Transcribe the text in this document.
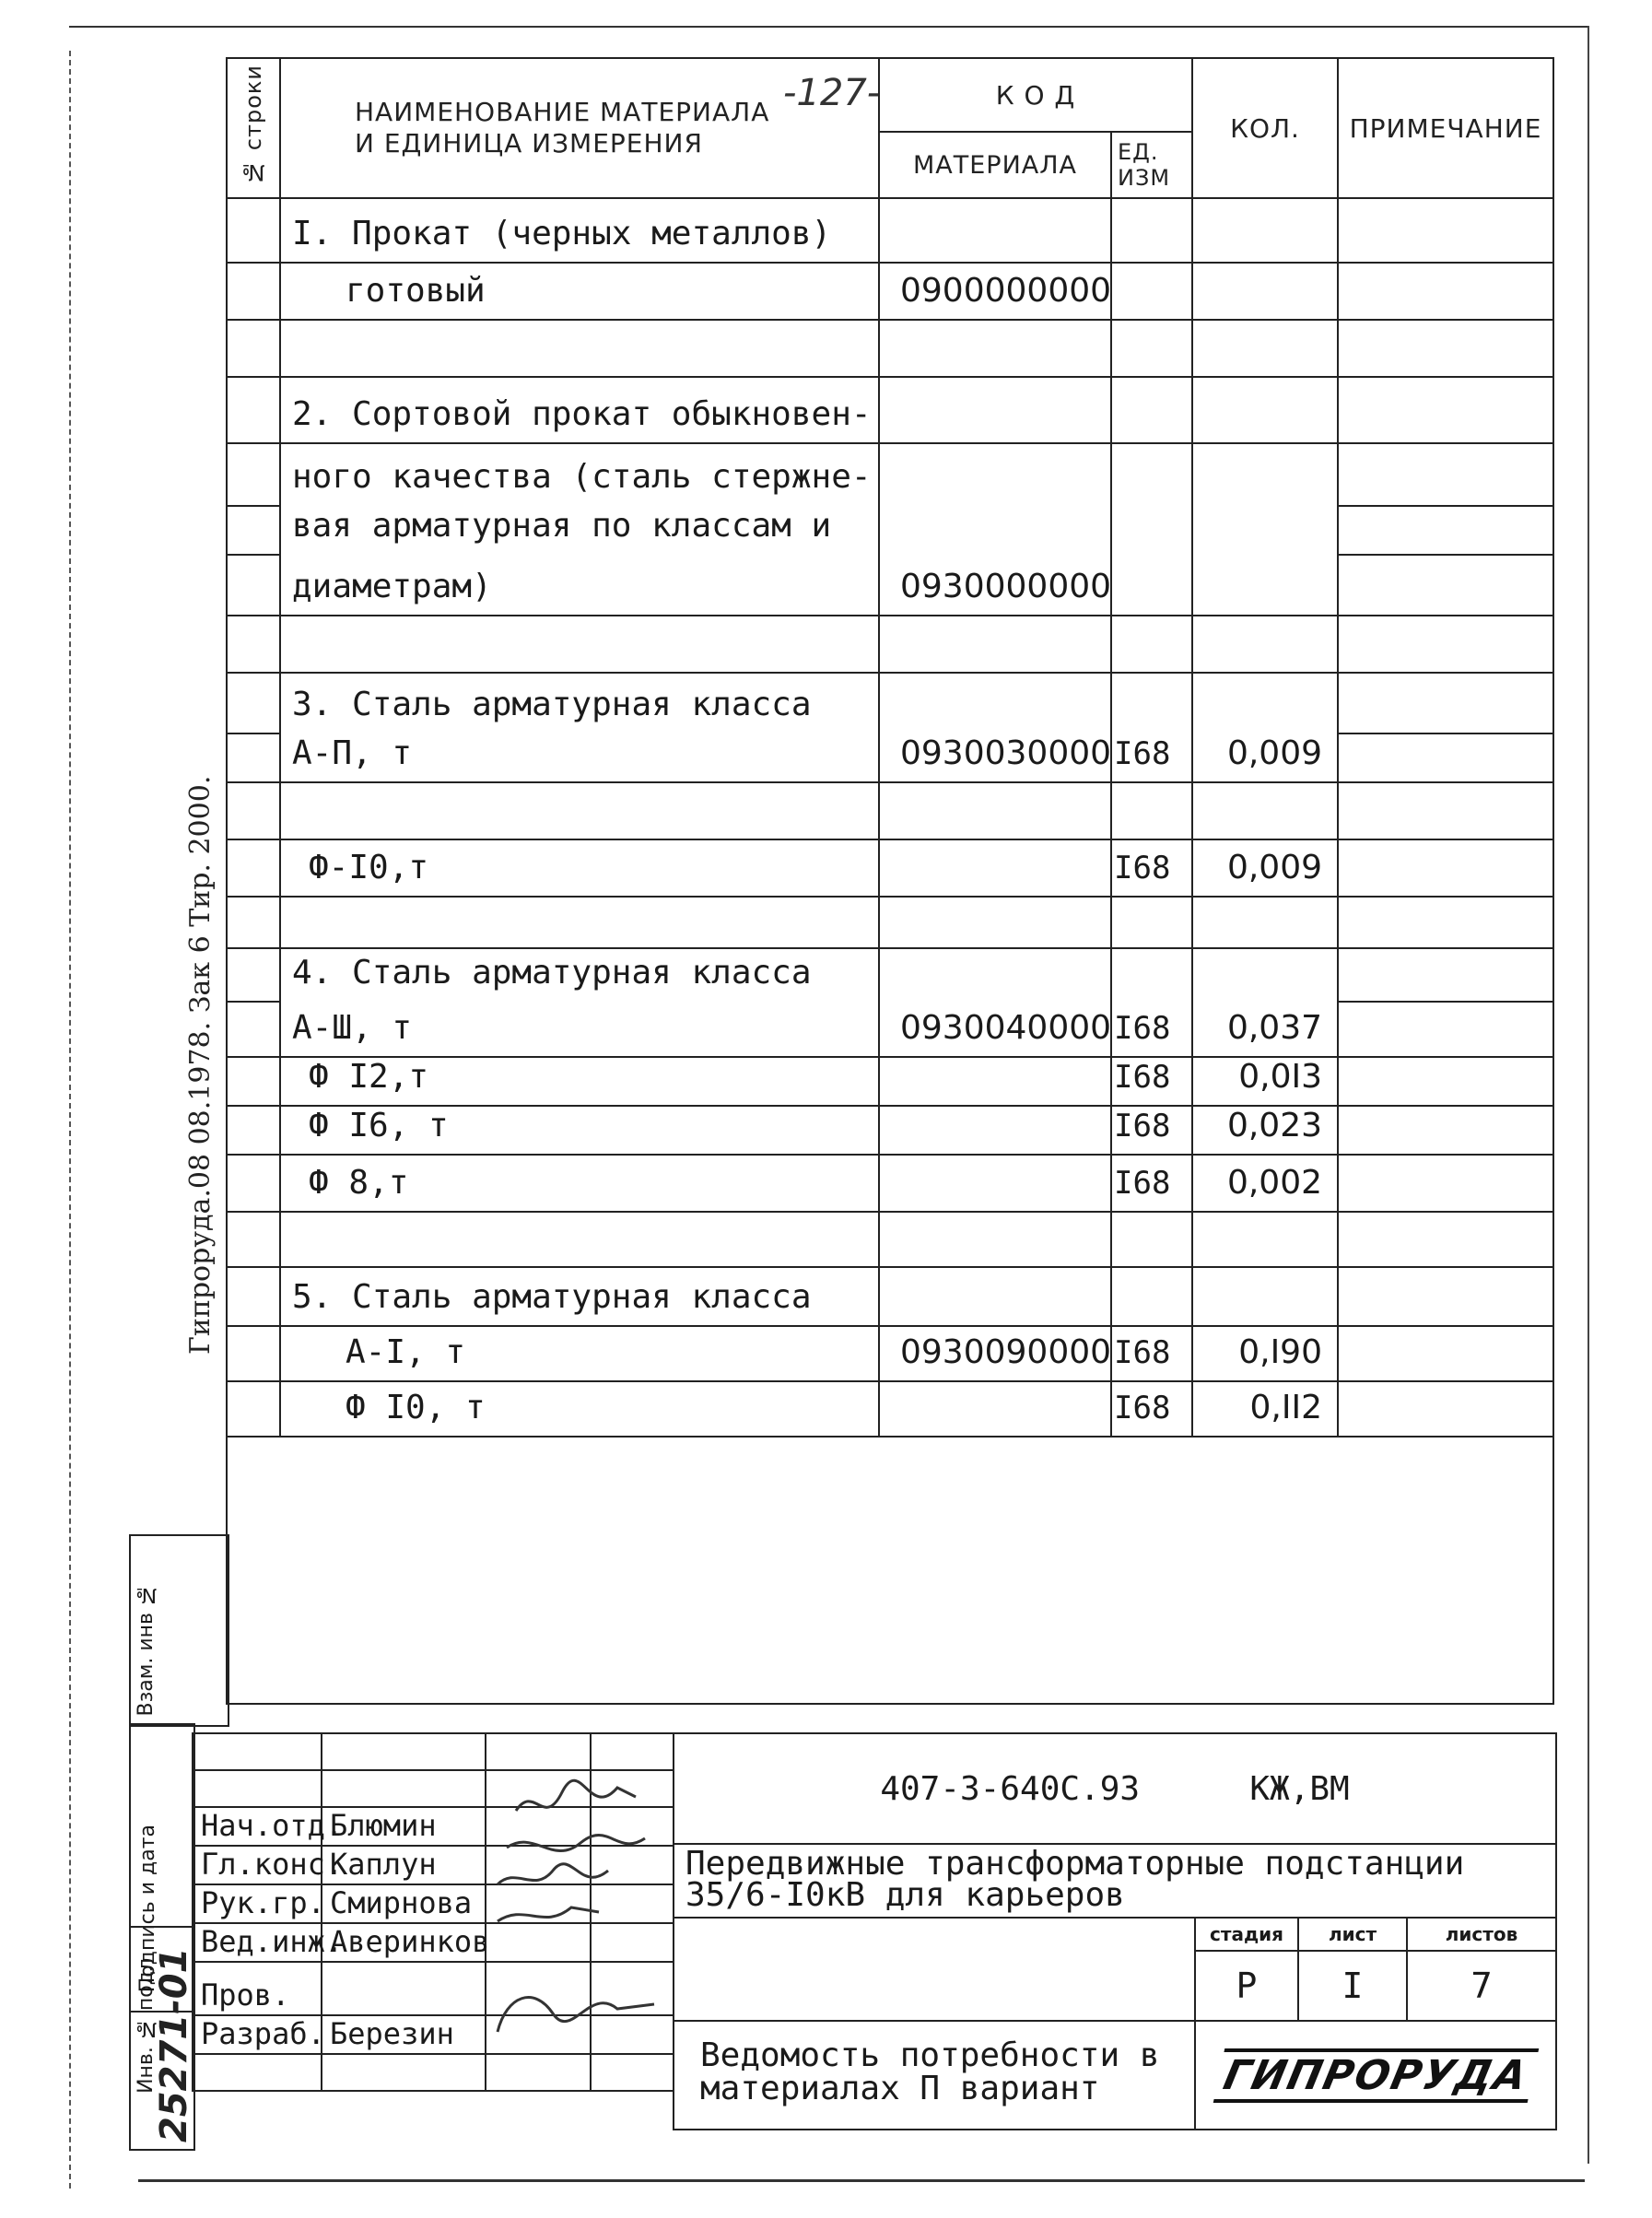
-127-
№ строки	НАИМЕНОВАНИЕ МАТЕРИАЛА
И ЕДИНИЦА ИЗМЕРЕНИЯ	К О Д		КОЛ.	ПРИМЕЧАНИЕ
		МАТЕРИАЛА	ЕД. ИЗМ		
	I. Прокат (черных металлов)				
	готовый	0900000000			

	2. Сортовой прокат обыкновен-				
	ного качества (сталь стержне-				
	вая арматурная по классам и				
	диаметрам)	0930000000			

	3. Сталь арматурная класса				
	А-П, т	0930030000	I68	0,009	

	Ф-I0,т		I68	0,009	

	4. Сталь арматурная класса				
	А-Ш, т	0930040000	I68	0,037	
	Ф I2,т		I68	0,0I3	
	Ф I6, т		I68	0,023	
	Ф 8,т		I68	0,002	

	5. Сталь арматурная класса				
	А-I, т	0930090000	I68	0,I90	
	Ф I0, т		I68	0,II2	

Гипроруда.08 08.1978. Зак 6 Тир. 2000.
Взам. инв №
Подпись и дата
Инв. № подл
25271-01

Нач.отд.	Блюмин		
Гл.конс.	Каплун		
Рук.гр.	Смирнова		
Вед.инж.	Аверинков		
Пров.			
Разраб.	Березин		

407-3-640С.93 КЖ,ВМ			
Передвижные трансформаторные подстанции 35/6-I0кВ для карьеров			
	стадия	лист	листов
	Р	I	7
Ведомость потребности в материалах П вариант	ГИПРОРУДА		
